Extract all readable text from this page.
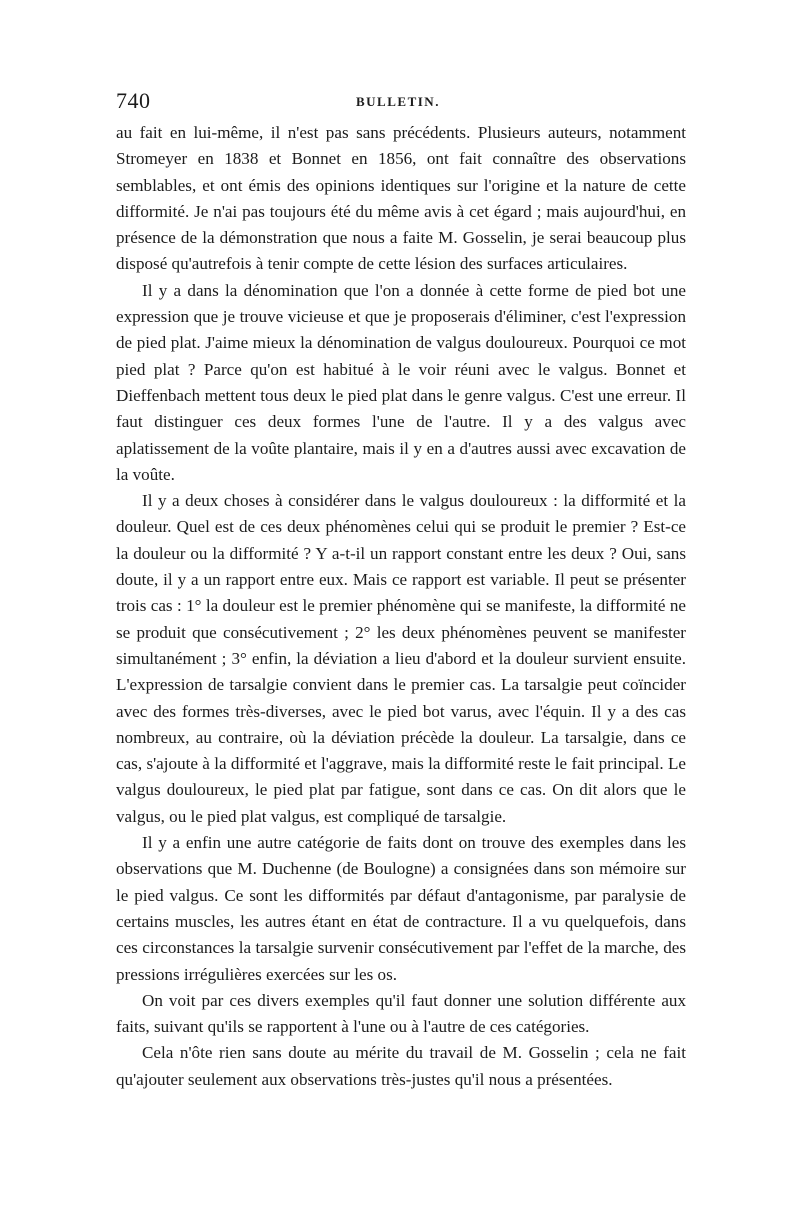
740	BULLETIN.

au fait en lui-même, il n'est pas sans précédents. Plusieurs auteurs, notamment Stromeyer en 1838 et Bonnet en 1856, ont fait connaître des observations semblables, et ont émis des opinions identiques sur l'origine et la nature de cette difformité. Je n'ai pas toujours été du même avis à cet égard ; mais aujourd'hui, en présence de la démonstration que nous a faite M. Gosselin, je serai beaucoup plus disposé qu'autrefois à tenir compte de cette lésion des surfaces articulaires.

Il y a dans la dénomination que l'on a donnée à cette forme de pied bot une expression que je trouve vicieuse et que je proposerais d'éliminer, c'est l'expression de pied plat. J'aime mieux la dénomination de valgus douloureux. Pourquoi ce mot pied plat ? Parce qu'on est habitué à le voir réuni avec le valgus. Bonnet et Dieffenbach mettent tous deux le pied plat dans le genre valgus. C'est une erreur. Il faut distinguer ces deux formes l'une de l'autre. Il y a des valgus avec aplatissement de la voûte plantaire, mais il y en a d'autres aussi avec excavation de la voûte.

Il y a deux choses à considérer dans le valgus douloureux : la difformité et la douleur. Quel est de ces deux phénomènes celui qui se produit le premier ? Est-ce la douleur ou la difformité ? Y a-t-il un rapport constant entre les deux ? Oui, sans doute, il y a un rapport entre eux. Mais ce rapport est variable. Il peut se présenter trois cas : 1° la douleur est le premier phénomène qui se manifeste, la difformité ne se produit que consécutivement ; 2° les deux phénomènes peuvent se manifester simultanément ; 3° enfin, la déviation a lieu d'abord et la douleur survient ensuite. L'expression de tarsalgie convient dans le premier cas. La tarsalgie peut coïncider avec des formes très-diverses, avec le pied bot varus, avec l'équin. Il y a des cas nombreux, au contraire, où la déviation précède la douleur. La tarsalgie, dans ce cas, s'ajoute à la difformité et l'aggrave, mais la difformité reste le fait principal. Le valgus douloureux, le pied plat par fatigue, sont dans ce cas. On dit alors que le valgus, ou le pied plat valgus, est compliqué de tarsalgie.

Il y a enfin une autre catégorie de faits dont on trouve des exemples dans les observations que M. Duchenne (de Boulogne) a consignées dans son mémoire sur le pied valgus. Ce sont les difformités par défaut d'antagonisme, par paralysie de certains muscles, les autres étant en état de contracture. Il a vu quelquefois, dans ces circonstances la tarsalgie survenir consécutivement par l'effet de la marche, des pressions irrégulières exercées sur les os.

On voit par ces divers exemples qu'il faut donner une solution différente aux faits, suivant qu'ils se rapportent à l'une ou à l'autre de ces catégories.

Cela n'ôte rien sans doute au mérite du travail de M. Gosselin ; cela ne fait qu'ajouter seulement aux observations très-justes qu'il nous a présentées.
